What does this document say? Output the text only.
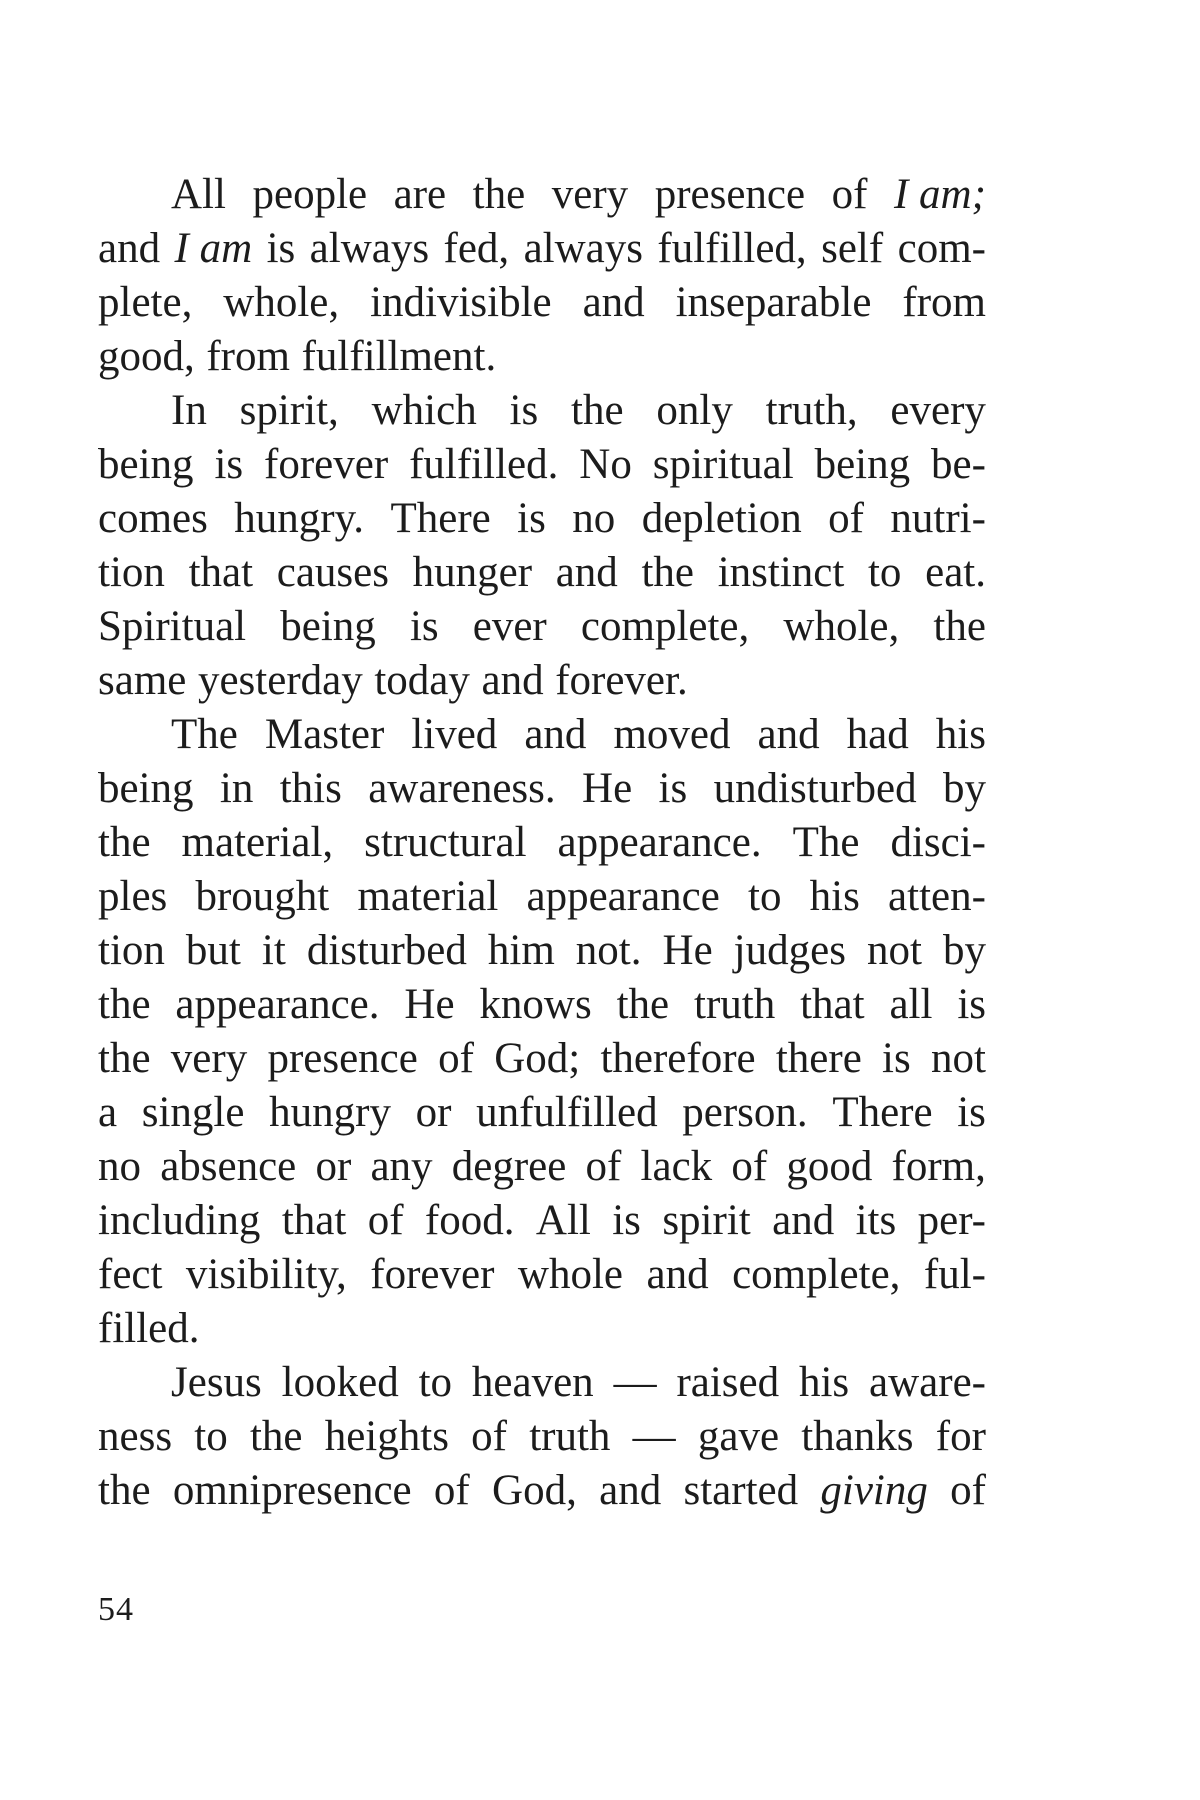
All people are the very presence of I am;
and I am is always fed, always fulfilled, self com-
plete, whole, indivisible and inseparable from
good, from fulfillment.
In spirit, which is the only truth, every
being is forever fulfilled. No spiritual being be-
comes hungry. There is no depletion of nutri-
tion that causes hunger and the instinct to eat.
Spiritual being is ever complete, whole, the
same yesterday today and forever.
The Master lived and moved and had his
being in this awareness. He is undisturbed by
the material, structural appearance. The disci-
ples brought material appearance to his atten-
tion but it disturbed him not. He judges not by
the appearance. He knows the truth that all is
the very presence of God; therefore there is not
a single hungry or unfulfilled person. There is
no absence or any degree of lack of good form,
including that of food. All is spirit and its per-
fect visibility, forever whole and complete, ful-
filled.
Jesus looked to heaven — raised his aware-
ness to the heights of truth — gave thanks for
the omnipresence of God, and started giving of
54
